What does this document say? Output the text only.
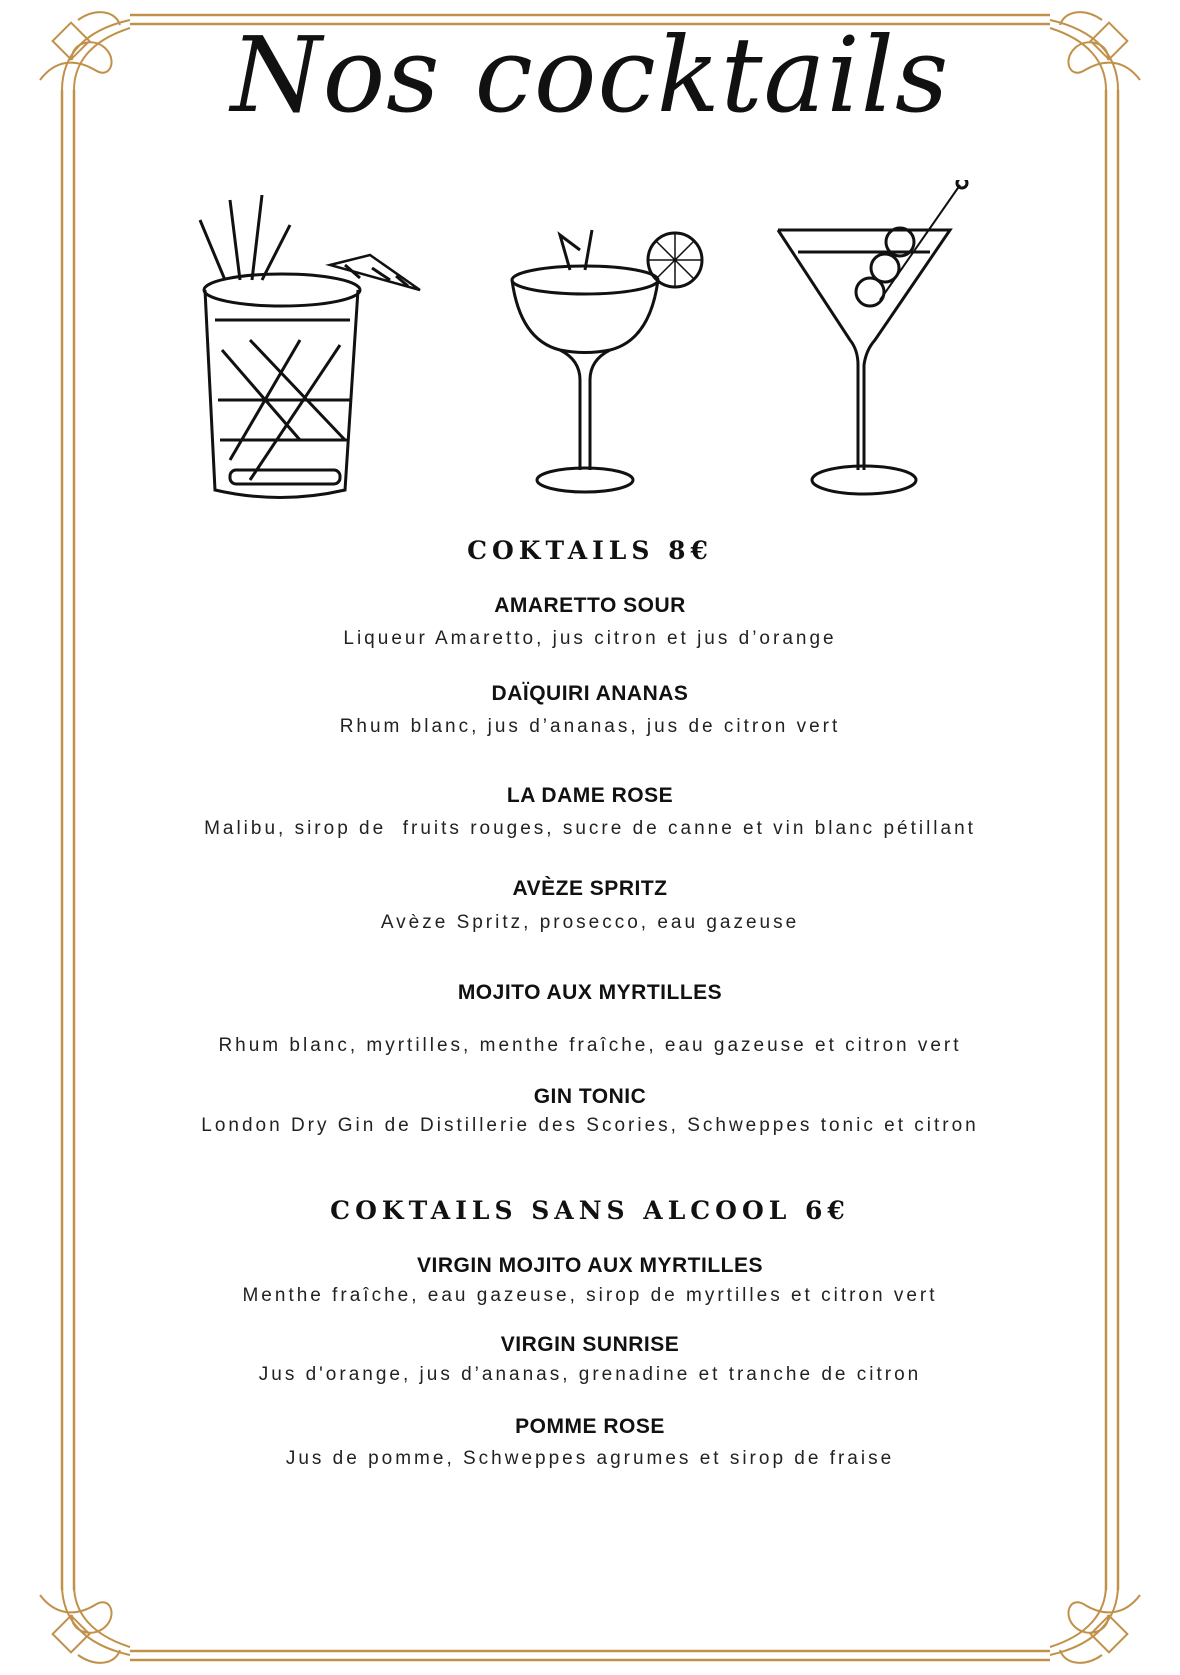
Nos cocktails
COKTAILS 8€
AMARETTO SOUR
Liqueur Amaretto, jus citron et jus d’orange
DAÏQUIRI ANANAS
Rhum blanc, jus d’ananas, jus de citron vert
LA DAME ROSE
Malibu, sirop de  fruits rouges, sucre de canne et vin blanc pétillant
AVÈZE SPRITZ
Avèze Spritz, prosecco, eau gazeuse
MOJITO AUX MYRTILLES
Rhum blanc, myrtilles, menthe fraîche, eau gazeuse et citron vert
GIN TONIC
London Dry Gin de Distillerie des Scories, Schweppes tonic et citron
COKTAILS SANS ALCOOL 6€
VIRGIN MOJITO AUX MYRTILLES
Menthe fraîche, eau gazeuse, sirop de myrtilles et citron vert
VIRGIN SUNRISE
Jus d'orange, jus d’ananas, grenadine et tranche de citron
POMME ROSE
Jus de pomme, Schweppes agrumes et sirop de fraise
